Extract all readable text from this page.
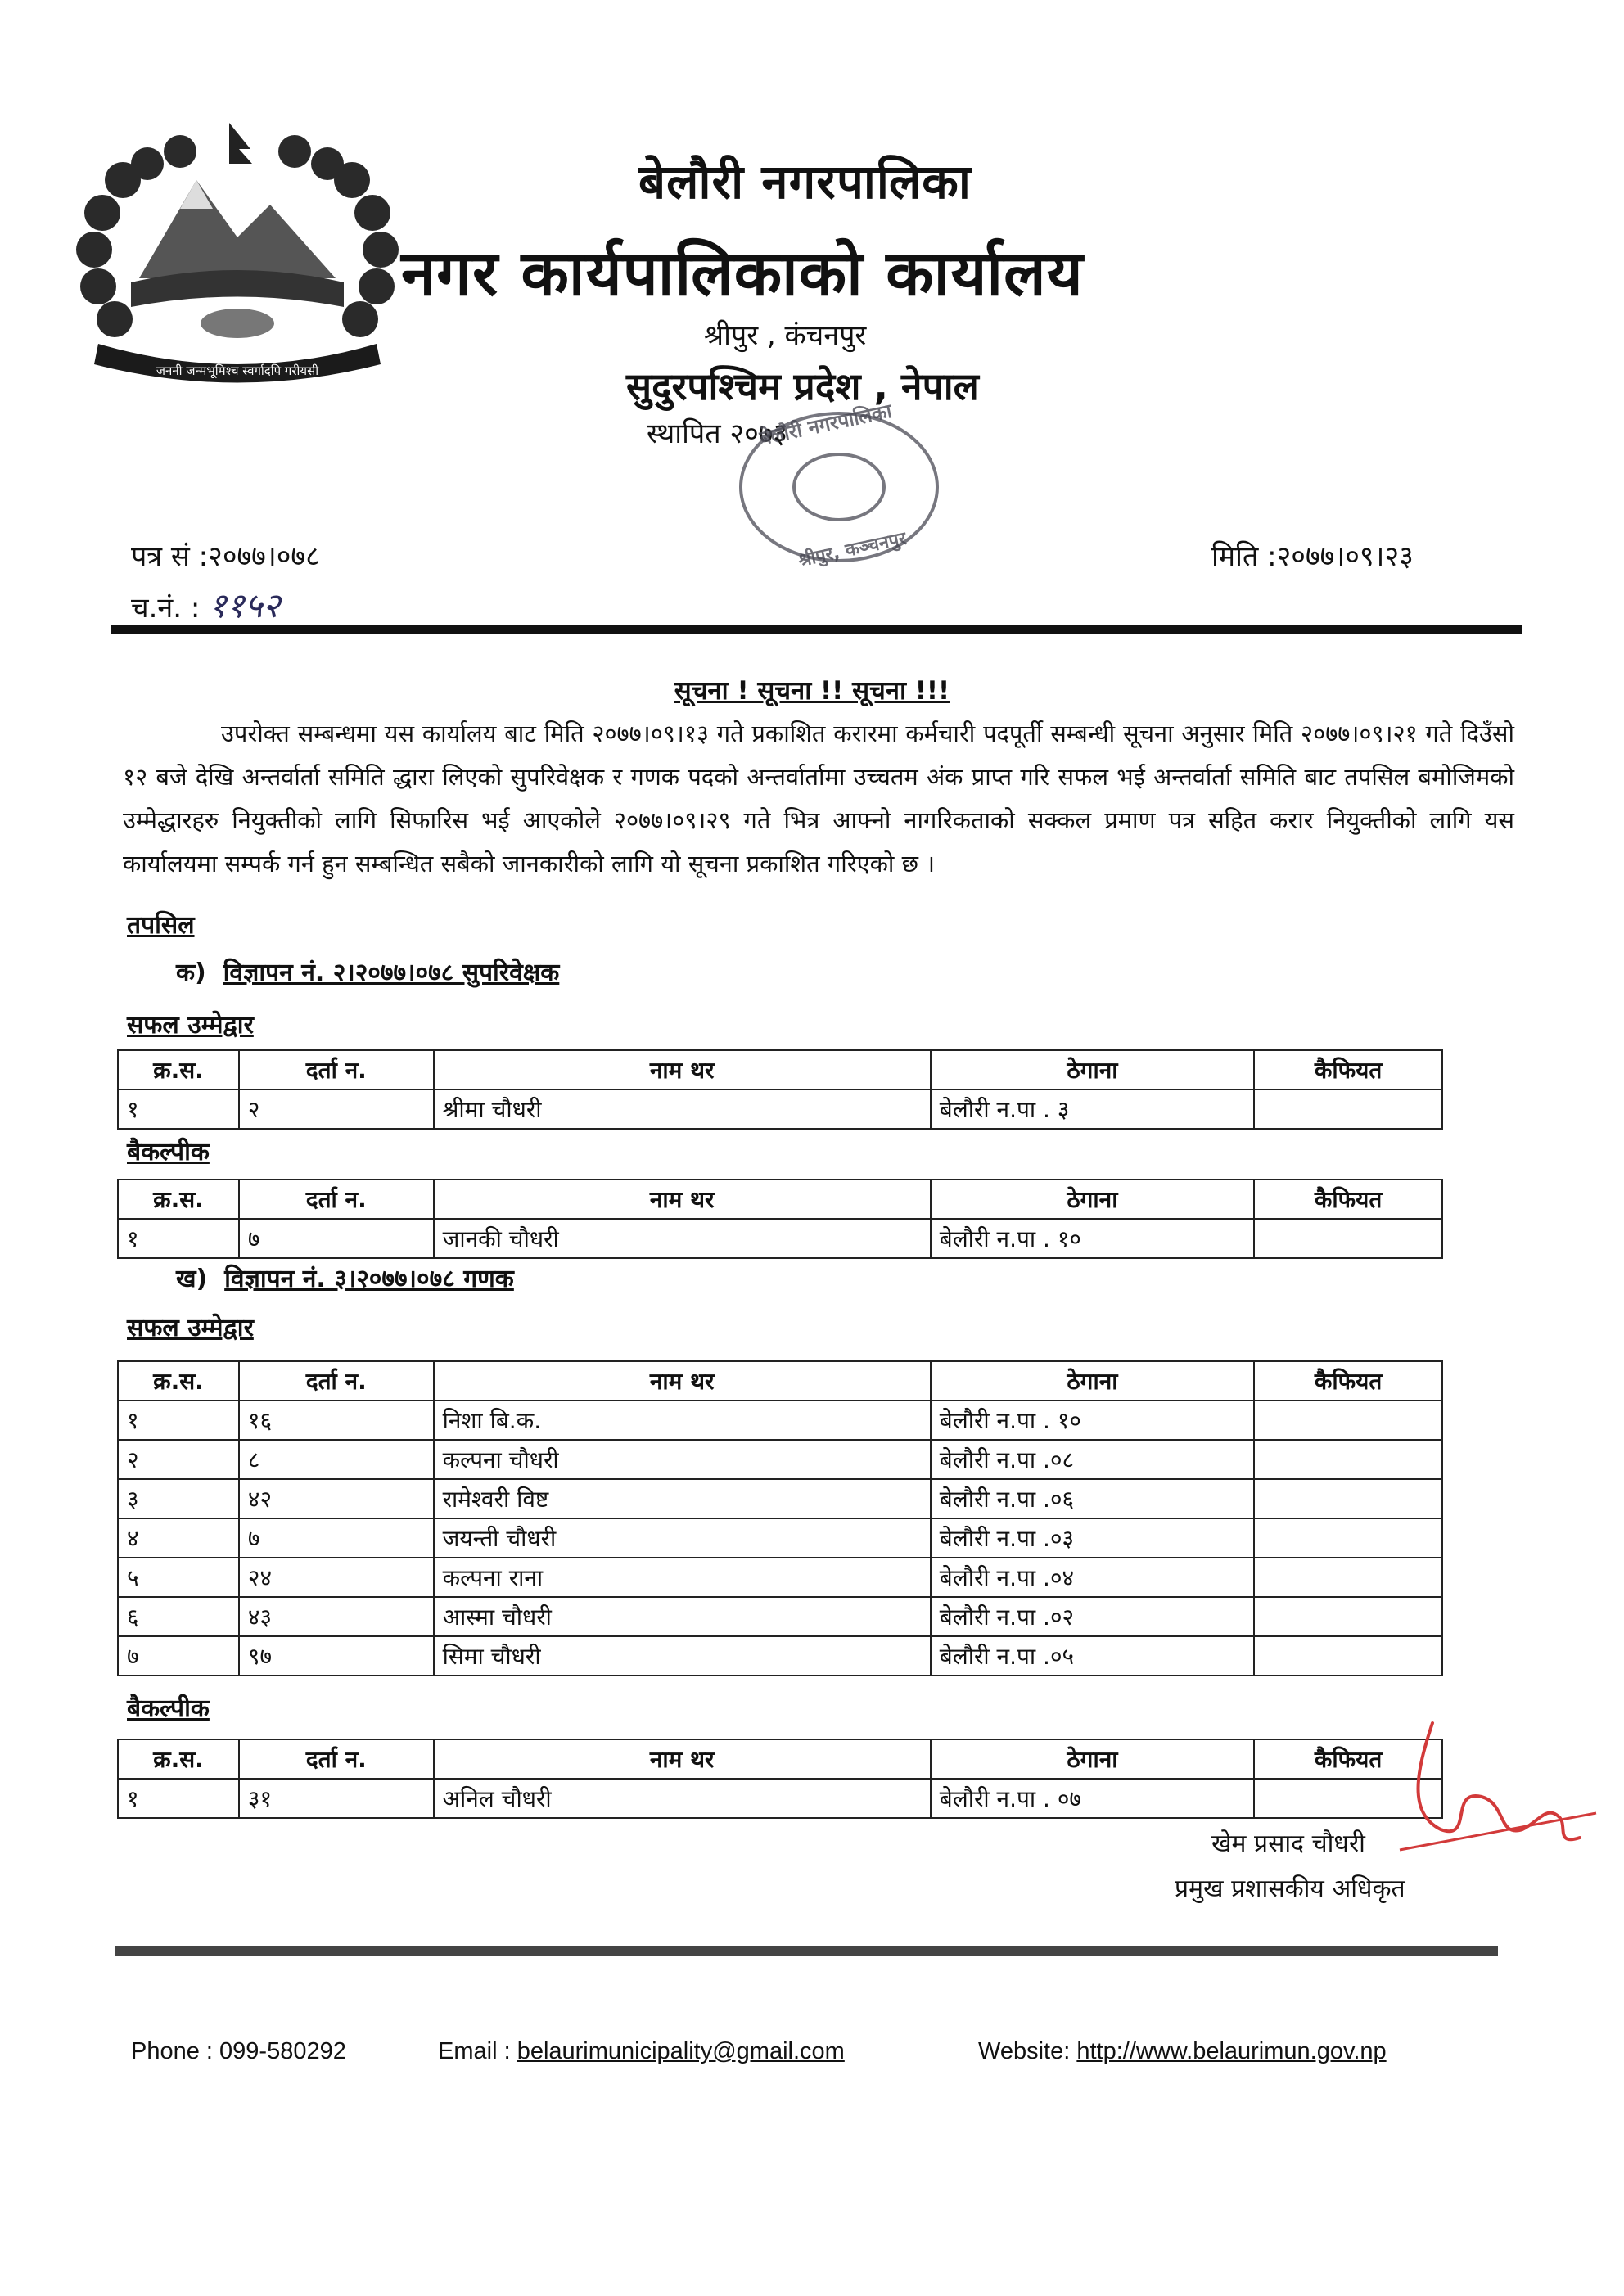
जननी जन्मभूमिश्च स्वर्गादपि गरीयसी
बेलौरी नगरपालिका
नगर कार्यपालिकाको कार्यालय
श्रीपुर , कंचनपुर
सुदुरपश्चिम प्रदेश , नेपाल
स्थापित २०७३
बेलौरी नगरपालिका
श्रीपुर, कञ्चनपुर
पत्र सं :२०७७।०७८
च.नं. : ११५२
मिति :२०७७।०९।२३
सूचना ! सूचना !! सूचना !!!
उपरोक्त सम्बन्धमा यस कार्यालय बाट मिति २०७७।०९।१३ गते प्रकाशित करारमा कर्मचारी पदपूर्ती सम्बन्धी सूचना अनुसार मिति २०७७।०९।२१ गते दिउँसो १२ बजे देखि अन्तर्वार्ता समिति द्धारा लिएको सुपरिवेक्षक र गणक पदको अन्तर्वार्तामा उच्चतम अंक प्राप्त गरि सफल भई अन्तर्वार्ता समिति बाट तपसिल बमोजिमको उम्मेद्धारहरु नियुक्तीको लागि सिफारिस भई आएकोले २०७७।०९।२९ गते भित्र आफ्नो नागरिकताको सक्कल प्रमाण पत्र सहित करार नियुक्तीको लागि यस कार्यालयमा सम्पर्क गर्न हुन सम्बन्धित सबैको जानकारीको लागि यो सूचना प्रकाशित गरिएको छ ।
तपसिल
क) विज्ञापन नं. २।२०७७।०७८ सुपरिवेक्षक
सफल उम्मेद्वार
क्र.स.	दर्ता न.	नाम थर	ठेगाना	कैफियत
१	२	श्रीमा चौधरी	बेलौरी न.पा . ३	
बैकल्पीक
क्र.स.	दर्ता न.	नाम थर	ठेगाना	कैफियत
१	७	जानकी चौधरी	बेलौरी न.पा . १०	
ख) विज्ञापन नं. ३।२०७७।०७८ गणक
सफल उम्मेद्वार
क्र.स.	दर्ता न.	नाम थर	ठेगाना	कैफियत
१	१६	निशा बि.क.	बेलौरी न.पा . १०	
२	८	कल्पना चौधरी	बेलौरी न.पा .०८	
३	४२	रामेश्वरी विष्ट	बेलौरी न.पा .०६	
४	७	जयन्ती चौधरी	बेलौरी न.पा .०३	
५	२४	कल्पना राना	बेलौरी न.पा .०४	
६	४३	आस्मा चौधरी	बेलौरी न.पा .०२	
७	९७	सिमा चौधरी	बेलौरी न.पा .०५	
बैकल्पीक
क्र.स.	दर्ता न.	नाम थर	ठेगाना	कैफियत
१	३१	अनिल चौधरी	बेलौरी न.पा . ०७	
खेम प्रसाद चौधरी
प्रमुख प्रशासकीय अधिकृत
Phone : 099-580292	Email : belaurimunicipality@gmail.com	Website: http://www.belaurimun.gov.np
